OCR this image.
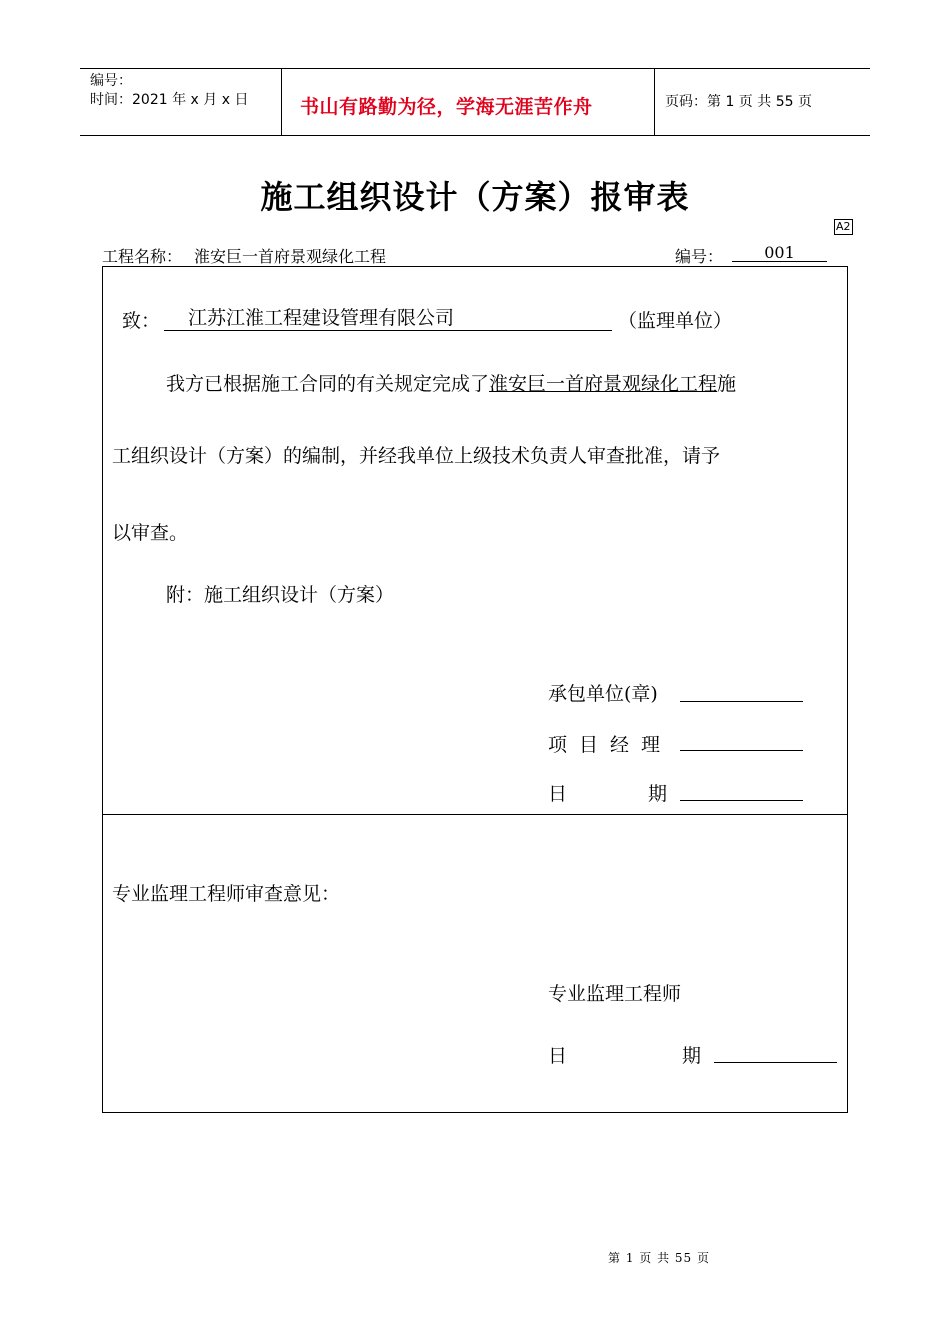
编号：
时间：2021 年 x 月 x 日	书山有路勤为径，学海无涯苦作舟	页码：第 1 页 共 55 页
施工组织设计（方案）报审表
A2
工程名称： 淮安巨一首府景观绿化工程	编号：	001
致：	江苏江淮工程建设管理有限公司	（监理单位）
我方已根据施工合同的有关规定完成了淮安巨一首府景观绿化工程施
工组织设计（方案）的编制，并经我单位上级技术负责人审查批准，请予
以审查。
附：施工组织设计（方案）
承包单位(章)
项目经理
日	期
专业监理工程师审查意见：
专业监理工程师
日	期
第 1 页 共 55 页
